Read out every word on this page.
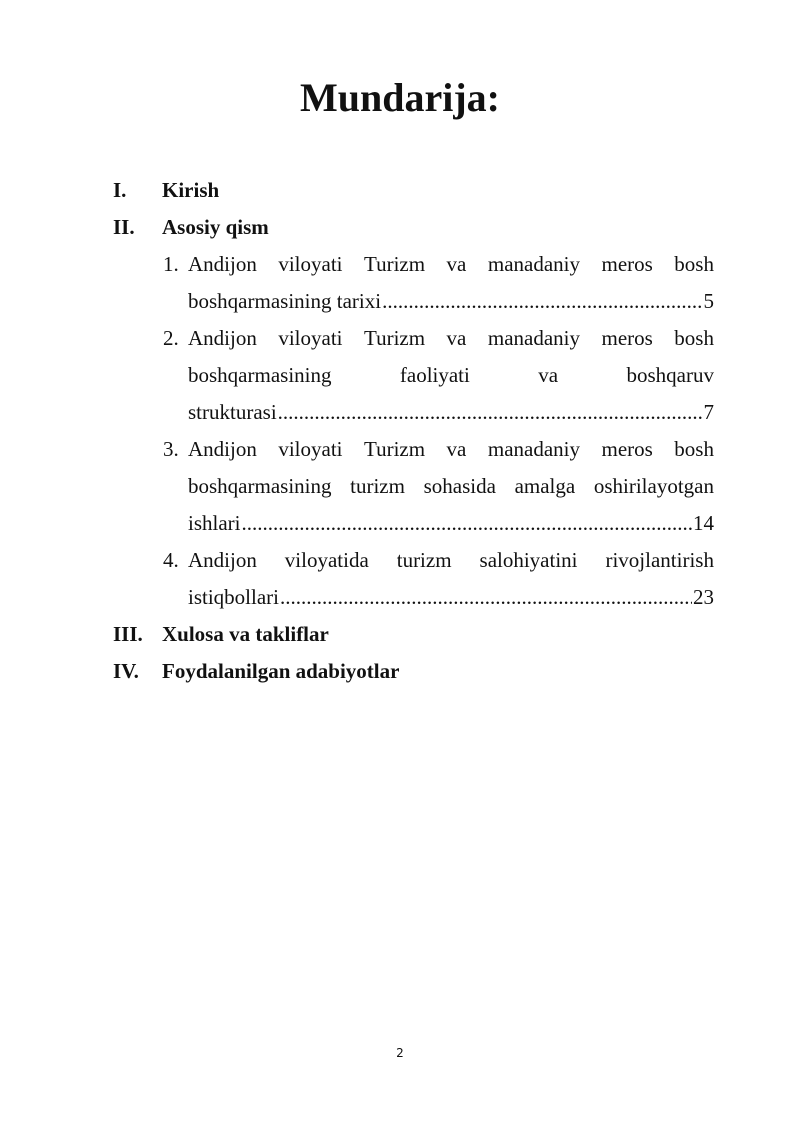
Mundarija:
I. Kirish
II. Asosiy qism
1. Andijon viloyati Turizm va manadaniy meros bosh
boshqarmasining tarixi .....	5
2. Andijon viloyati Turizm va manadaniy meros bosh
boshqarmasining	faoliyati	va	boshqaruv
strukturasi .....	7
3. Andijon viloyati Turizm va manadaniy meros bosh
boshqarmasining turizm sohasida amalga oshirilayotgan
ishlari .....	14
4. Andijon viloyatida turizm salohiyatini rivojlantirish
istiqbollari .....	23
III. Xulosa va takliflar
IV. Foydalanilgan adabiyotlar
2
